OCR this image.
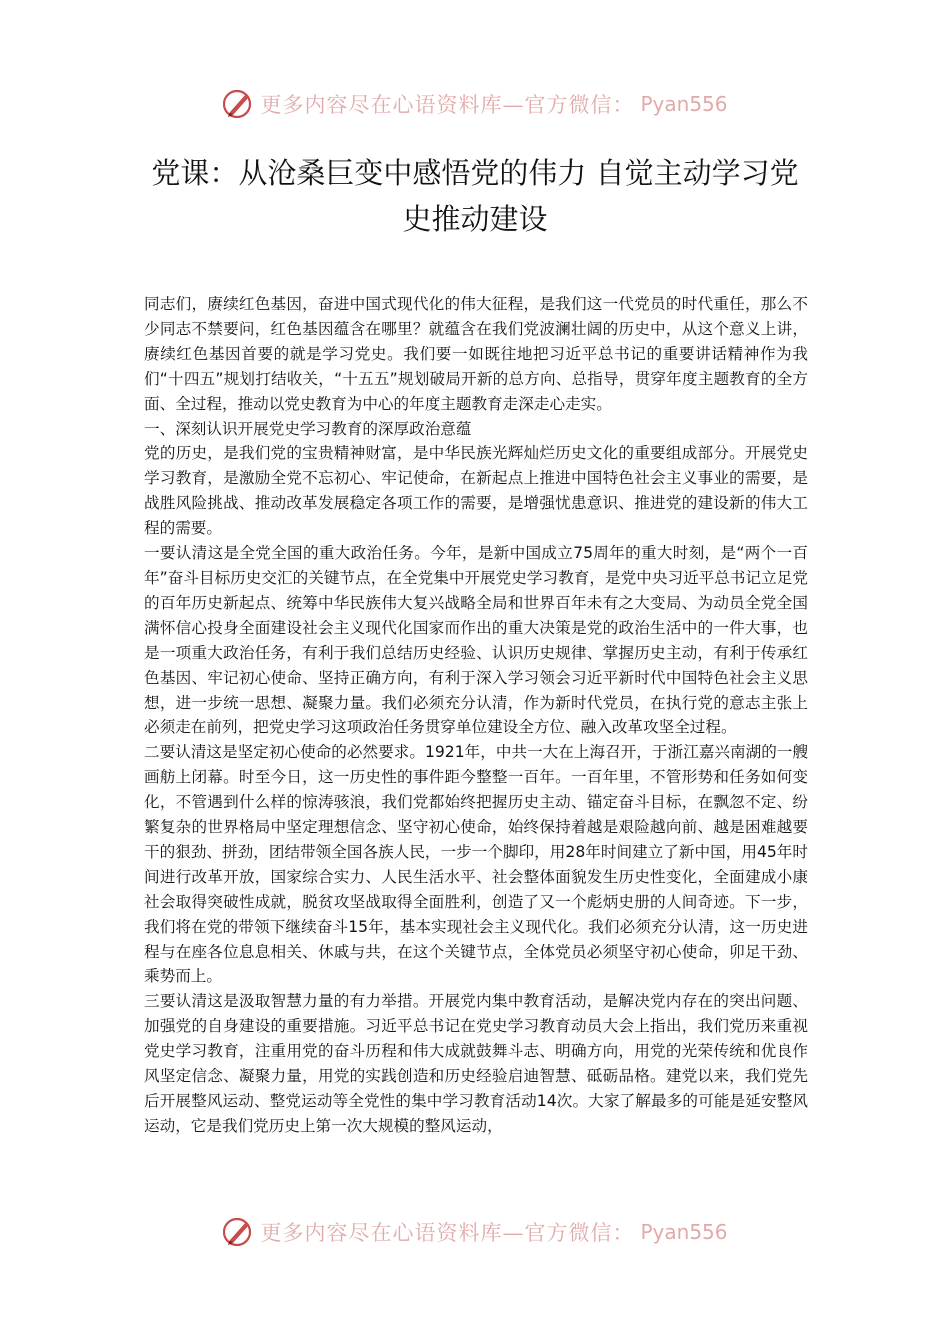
更多内容尽在心语资料库—官方微信： Pyan556
党课：从沧桑巨变中感悟党的伟力 自觉主动学习党
史推动建设

同志们，赓续红色基因，奋进中国式现代化的伟大征程，是我们这一代党员的时代重任，那么不少同志不禁要问，红色基因蕴含在哪里？就蕴含在我们党波澜壮阔的历史中，从这个意义上讲，赓续红色基因首要的就是学习党史。我们要一如既往地把习近平总书记的重要讲话精神作为我们“十四五”规划打结收关，“十五五”规划破局开新的总方向、总指导，贯穿年度主题教育的全方面、全过程，推动以党史教育为中心的年度主题教育走深走心走实。

一、深刻认识开展党史学习教育的深厚政治意蕴

党的历史，是我们党的宝贵精神财富，是中华民族光辉灿烂历史文化的重要组成部分。开展党史学习教育，是激励全党不忘初心、牢记使命，在新起点上推进中国特色社会主义事业的需要，是战胜风险挑战、推动改革发展稳定各项工作的需要，是增强忧患意识、推进党的建设新的伟大工程的需要。

一要认清这是全党全国的重大政治任务。今年，是新中国成立75周年的重大时刻，是“两个一百年”奋斗目标历史交汇的关键节点，在全党集中开展党史学习教育，是党中央习近平总书记立足党的百年历史新起点、统筹中华民族伟大复兴战略全局和世界百年未有之大变局、为动员全党全国满怀信心投身全面建设社会主义现代化国家而作出的重大决策是党的政治生活中的一件大事，也是一项重大政治任务，有利于我们总结历史经验、认识历史规律、掌握历史主动，有利于传承红色基因、牢记初心使命、坚持正确方向，有利于深入学习领会习近平新时代中国特色社会主义思想，进一步统一思想、凝聚力量。我们必须充分认清，作为新时代党员，在执行党的意志主张上必须走在前列，把党史学习这项政治任务贯穿单位建设全方位、融入改革攻坚全过程。

二要认清这是坚定初心使命的必然要求。1921年，中共一大在上海召开，于浙江嘉兴南湖的一艘画舫上闭幕。时至今日，这一历史性的事件距今整整一百年。一百年里，不管形势和任务如何变化，不管遇到什么样的惊涛骇浪，我们党都始终把握历史主动、锚定奋斗目标，在飘忽不定、纷繁复杂的世界格局中坚定理想信念、坚守初心使命，始终保持着越是艰险越向前、越是困难越要干的狠劲、拼劲，团结带领全国各族人民，一步一个脚印，用28年时间建立了新中国，用45年时间进行改革开放，国家综合实力、人民生活水平、社会整体面貌发生历史性变化，全面建成小康社会取得突破性成就，脱贫攻坚战取得全面胜利，创造了又一个彪炳史册的人间奇迹。下一步，我们将在党的带领下继续奋斗15年，基本实现社会主义现代化。我们必须充分认清，这一历史进程与在座各位息息相关、休戚与共，在这个关键节点，全体党员必须坚守初心使命，卯足干劲、乘势而上。

三要认清这是汲取智慧力量的有力举措。开展党内集中教育活动，是解决党内存在的突出问题、加强党的自身建设的重要措施。习近平总书记在党史学习教育动员大会上指出，我们党历来重视党史学习教育，注重用党的奋斗历程和伟大成就鼓舞斗志、明确方向，用党的光荣传统和优良作风坚定信念、凝聚力量，用党的实践创造和历史经验启迪智慧、砥砺品格。建党以来，我们党先后开展整风运动、整党运动等全党性的集中学习教育活动14次。大家了解最多的可能是延安整风运动，它是我们党历史上第一次大规模的整风运动，

更多内容尽在心语资料库—官方微信： Pyan556
